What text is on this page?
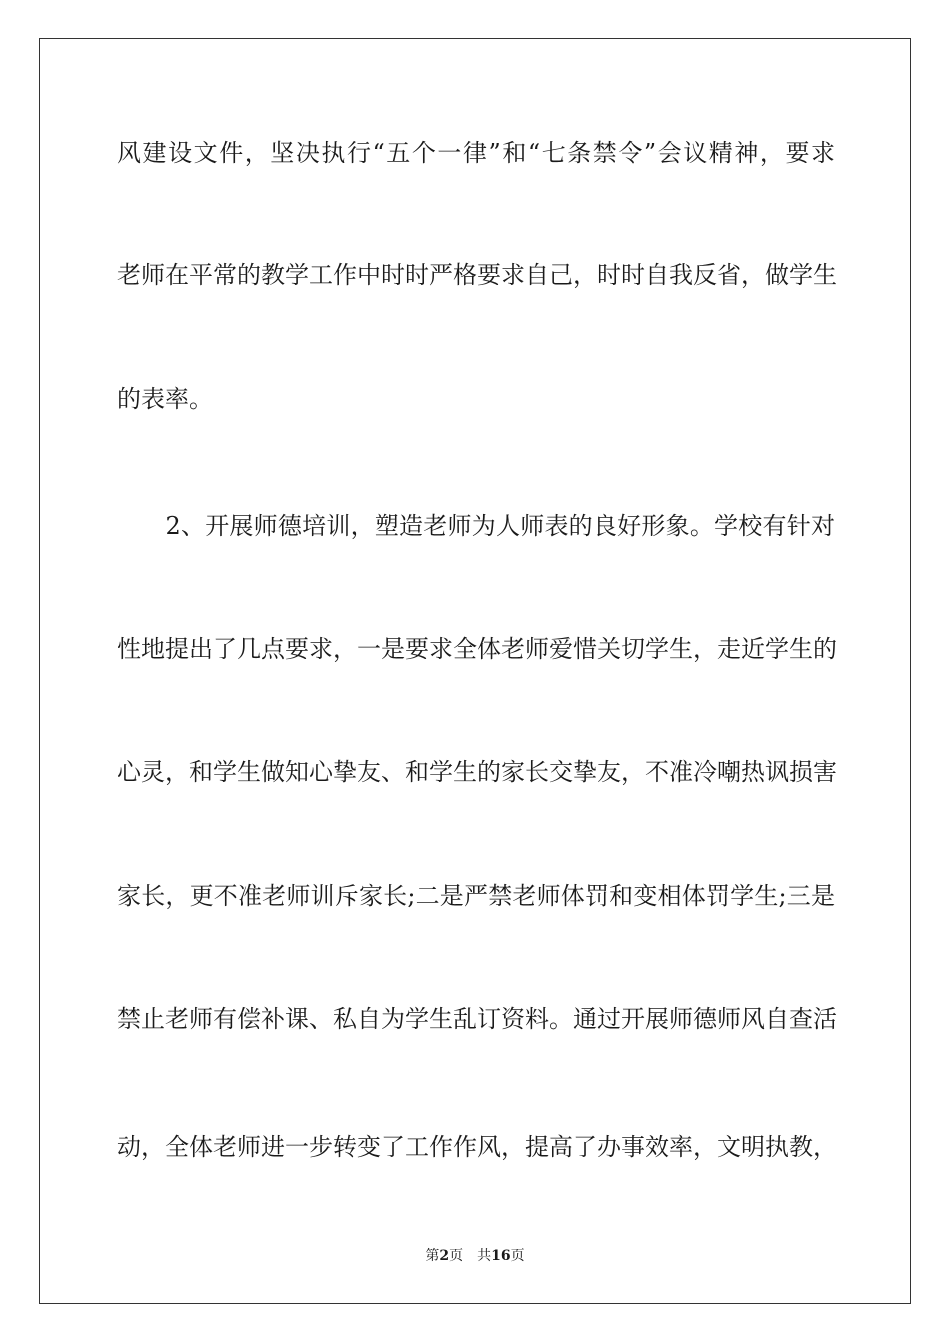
风建设文件，坚决执行“五个一律”和“七条禁令”会议精神，要求

老师在平常的教学工作中时时严格要求自己，时时自我反省，做学生

的表率。

　　2、开展师德培训，塑造老师为人师表的良好形象。学校有针对

性地提出了几点要求，一是要求全体老师爱惜关切学生，走近学生的

心灵，和学生做知心挚友、和学生的家长交挚友，不准冷嘲热讽损害

家长，更不准老师训斥家长;二是严禁老师体罚和变相体罚学生;三是

禁止老师有偿补课、私自为学生乱订资料。通过开展师德师风自查活

动，全体老师进一步转变了工作作风，提高了办事效率，文明执教，

第2页 共16页
